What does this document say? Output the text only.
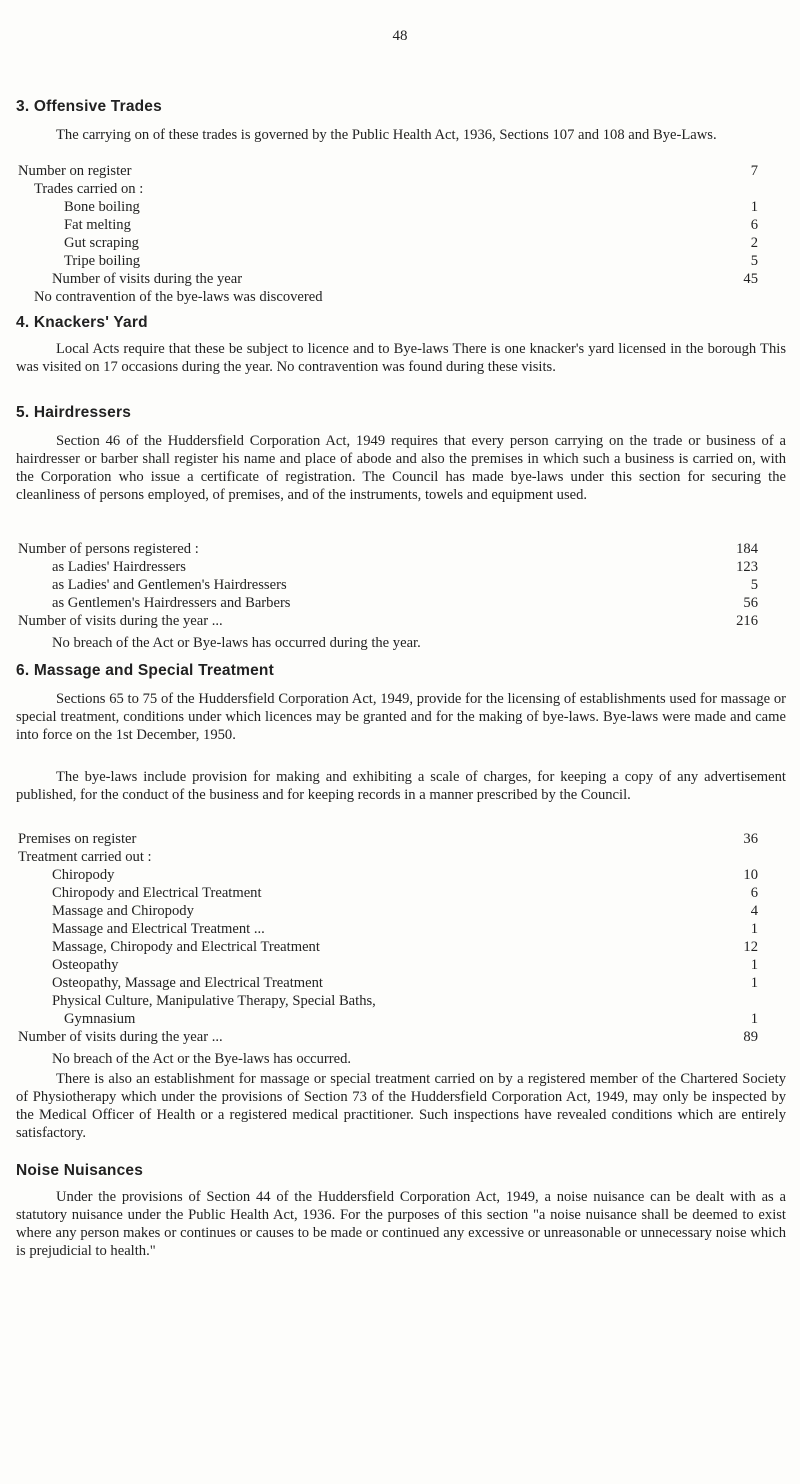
48
3. Offensive Trades

The carrying on of these trades is governed by the Public Health Act, 1936, Sections 107 and 108 and Bye-Laws.

Number on register	7
Trades carried on :
Bone boiling	1
Fat melting	6
Gut scraping	2
Tripe boiling	5
Number of visits during the year	45
No contravention of the bye-laws was discovered
4. Knackers' Yard

Local Acts require that these be subject to licence and to Bye-laws There is one knacker's yard licensed in the borough This was visited on 17 occasions during the year. No contravention was found during these visits.

5. Hairdressers

Section 46 of the Huddersfield Corporation Act, 1949 requires that every person carrying on the trade or business of a hairdresser or barber shall register his name and place of abode and also the premises in which such a business is carried on, with the Corporation who issue a certificate of registration. The Council has made bye-laws under this section for securing the cleanliness of persons employed, of premises, and of the instruments, towels and equipment used.

Number of persons registered :	184
as Ladies' Hairdressers	123
as Ladies' and Gentlemen's Hairdressers	5
as Gentlemen's Hairdressers and Barbers	56
Number of visits during the year ...	216
No breach of the Act or Bye-laws has occurred during the year.
6. Massage and Special Treatment

Sections 65 to 75 of the Huddersfield Corporation Act, 1949, provide for the licensing of establishments used for massage or special treatment, conditions under which licences may be granted and for the making of bye-laws. Bye-laws were made and came into force on the 1st December, 1950.

The bye-laws include provision for making and exhibiting a scale of charges, for keeping a copy of any advertisement published, for the conduct of the business and for keeping records in a manner prescribed by the Council.

Premises on register	36
Treatment carried out :
Chiropody	10
Chiropody and Electrical Treatment	6
Massage and Chiropody	4
Massage and Electrical Treatment ...	1
Massage, Chiropody and Electrical Treatment	12
Osteopathy	1
Osteopathy, Massage and Electrical Treatment	1
Physical Culture, Manipulative Therapy, Special Baths,
Gymnasium	1
Number of visits during the year ...	89
No breach of the Act or the Bye-laws has occurred.

There is also an establishment for massage or special treatment carried on by a registered member of the Chartered Society of Physiotherapy which under the provisions of Section 73 of the Huddersfield Corporation Act, 1949, may only be inspected by the Medical Officer of Health or a registered medical practitioner. Such inspections have revealed conditions which are entirely satisfactory.

Noise Nuisances

Under the provisions of Section 44 of the Huddersfield Corporation Act, 1949, a noise nuisance can be dealt with as a statutory nuisance under the Public Health Act, 1936. For the purposes of this section "a noise nuisance shall be deemed to exist where any person makes or continues or causes to be made or continued any excessive or unreasonable or unnecessary noise which is prejudicial to health."
